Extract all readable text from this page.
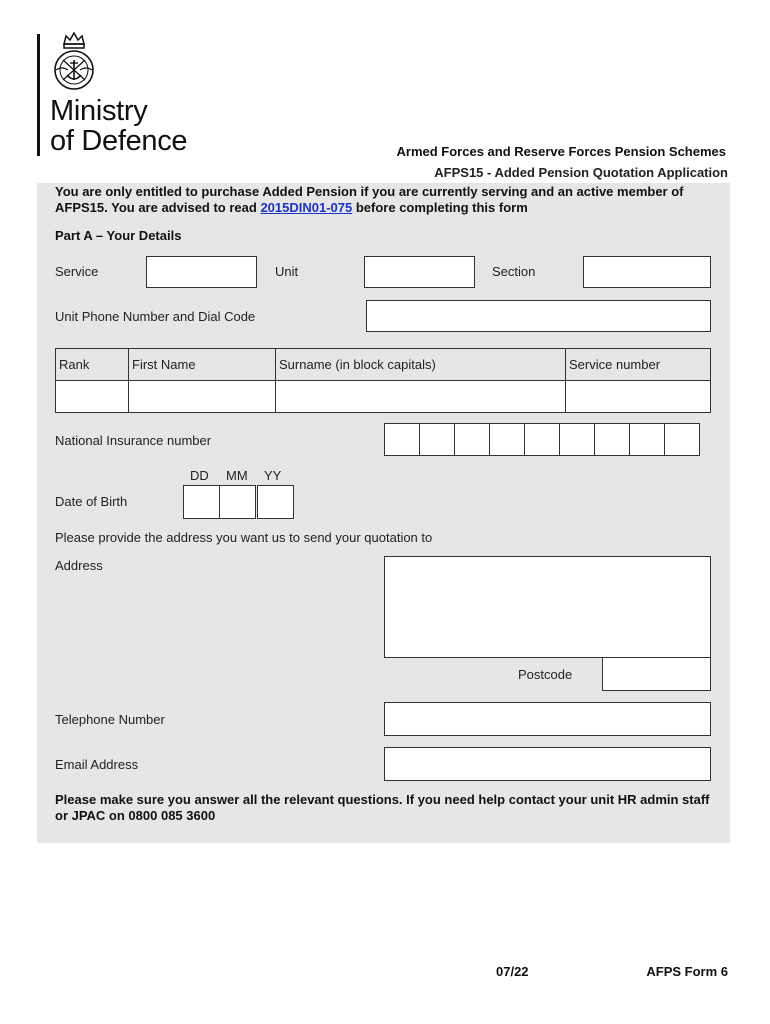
Ministry
of Defence	Armed Forces and Reserve Forces Pension Schemes
AFPS15 - Added Pension Quotation Application
You are only entitled to purchase Added Pension if you are currently serving and an active member of AFPS15. You are advised to read 2015DIN01-075 before completing this form
Part A – Your Details
Service	Unit	Section
Unit Phone Number and Dial Code
Rank	First Name	Surname (in block capitals)	Service number
National Insurance number
DD MM YY
Date of Birth
Please provide the address you want us to send your quotation to
Address
Postcode
Telephone Number
Email Address
Please make sure you answer all the relevant questions. If you need help contact your unit HR admin staff or JPAC on 0800 085 3600
07/22	AFPS Form 6
